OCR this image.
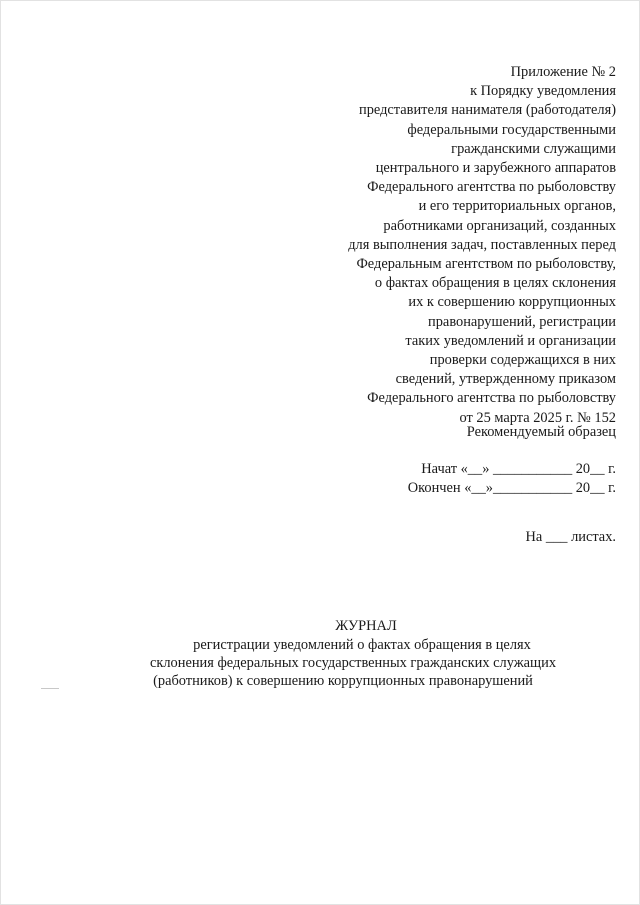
Приложение № 2
к Порядку уведомления
представителя нанимателя (работодателя)
федеральными государственными
гражданскими служащими
центрального и зарубежного аппаратов
Федерального агентства по рыболовству
и его территориальных органов,
работниками организаций, созданных
для выполнения задач, поставленных перед
Федеральным агентством по рыболовству,
о фактах обращения в целях склонения
их к совершению коррупционных
правонарушений, регистрации
таких уведомлений и организации
проверки содержащихся в них
сведений, утвержденному приказом
Федерального агентства по рыболовству
от 25 марта 2025 г. № 152
Рекомендуемый образец
Начат «__» ___________ 20__ г.
Окончен «__»___________ 20__ г.
На ___ листах.
ЖУРНАЛ
регистрации уведомлений о фактах обращения в целях
склонения федеральных государственных гражданских служащих
(работников) к совершению коррупционных правонарушений
